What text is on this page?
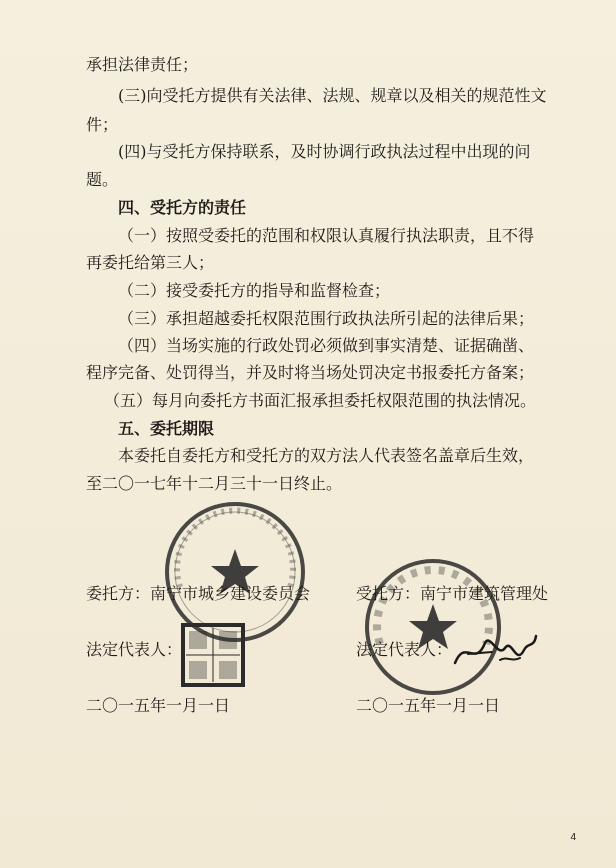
承担法律责任；
(三)向受托方提供有关法律、法规、规章以及相关的规范性文
件；
(四)与受托方保持联系，及时协调行政执法过程中出现的问
题。
四、受托方的责任
（一）按照受委托的范围和权限认真履行执法职责，且不得
再委托给第三人；
（二）接受委托方的指导和监督检查；
（三）承担超越委托权限范围行政执法所引起的法律后果；
（四）当场实施的行政处罚必须做到事实清楚、证据确凿、
程序完备、处罚得当，并及时将当场处罚决定书报委托方备案；
（五）每月向委托方书面汇报承担委托权限范围的执法情况。
五、委托期限
本委托自委托方和受托方的双方法人代表签名盖章后生效，
至二〇一七年十二月三十一日终止。
委托方：南宁市城乡建设委员会	受托方：南宁市建筑管理处
法定代表人：	法定代表人：
二〇一五年一月一日	二〇一五年一月一日
4
